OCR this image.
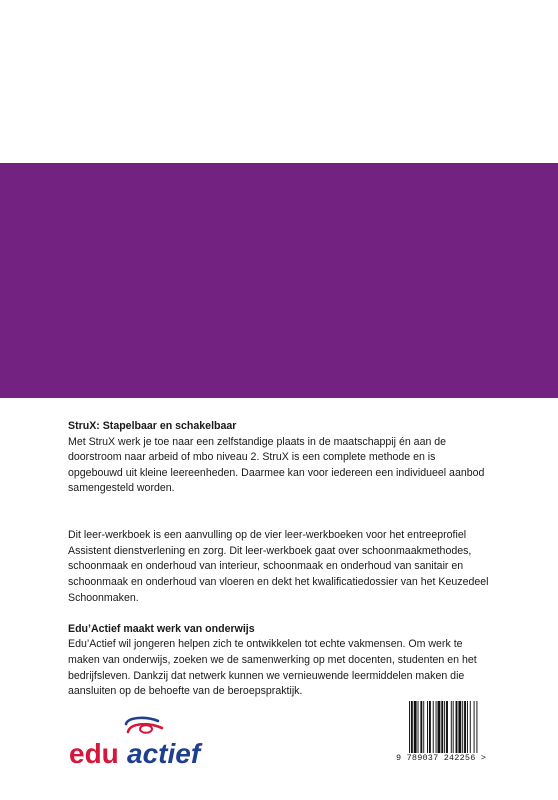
StruX: Stapelbaar en schakelbaar

Met StruX werk je toe naar een zelfstandige plaats in de maatschappij én aan de

doorstroom naar arbeid of mbo niveau 2. StruX is een complete methode en is

opgebouwd uit kleine leereenheden. Daarmee kan voor iedereen een individueel aanbod

samengesteld worden.

Dit leer-werkboek is een aanvulling op de vier leer-werkboeken voor het entreeprofiel

Assistent dienstverlening en zorg. Dit leer-werkboek gaat over schoonmaakmethodes,

schoonmaak en onderhoud van interieur, schoonmaak en onderhoud van sanitair en

schoonmaak en onderhoud van vloeren en dekt het kwalificatiedossier van het Keuzedeel

Schoonmaken.

Edu’Actief maakt werk van onderwijs

Edu’Actief wil jongeren helpen zich te ontwikkelen tot echte vakmensen. Om werk te

maken van onderwijs, zoeken we de samenwerking op met docenten, studenten en het

bedrijfsleven. Dankzij dat netwerk kunnen we vernieuwende leermiddelen maken die

aansluiten op de behoefte van de beroepspraktijk.

edu actief	9 789037 242256 >
